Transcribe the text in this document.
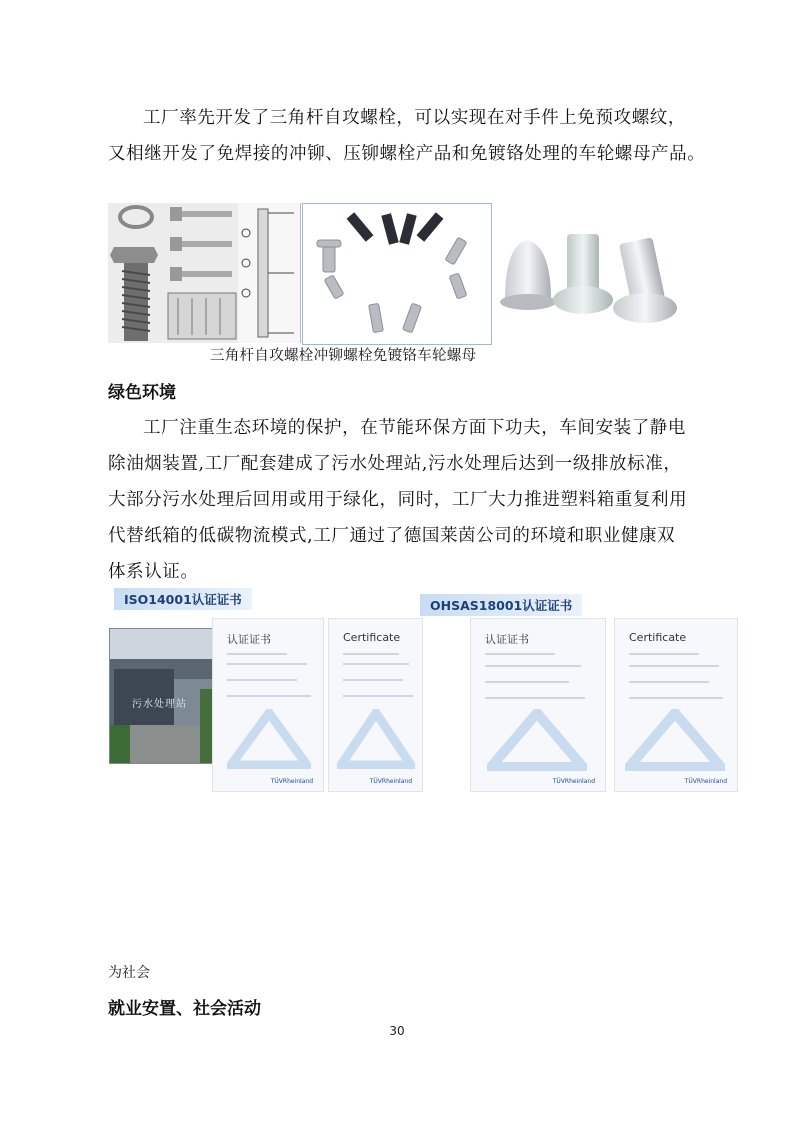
工厂率先开发了三角杆自攻螺栓，可以实现在对手件上免预攻螺纹，
又相继开发了免焊接的冲铆、压铆螺栓产品和免镀铬处理的车轮螺母产品。
三角杆自攻螺栓冲铆螺栓免镀铬车轮螺母
绿色环境
工厂注重生态环境的保护，在节能环保方面下功夫，车间安装了静电
除油烟装置,工厂配套建成了污水处理站,污水处理后达到一级排放标准，
大部分污水处理后回用或用于绿化，同时，工厂大力推进塑料箱重复利用
代替纸箱的低碳物流模式,工厂通过了德国莱茵公司的环境和职业健康双
体系认证。
ISO14001认证证书	OHSAS18001认证证书
污水处理站
认证证书
TÜVRheinland
Certificate
TÜVRheinland
认证证书
TÜVRheinland
Certificate
TÜVRheinland
为社会
就业安置、社会活动
30
